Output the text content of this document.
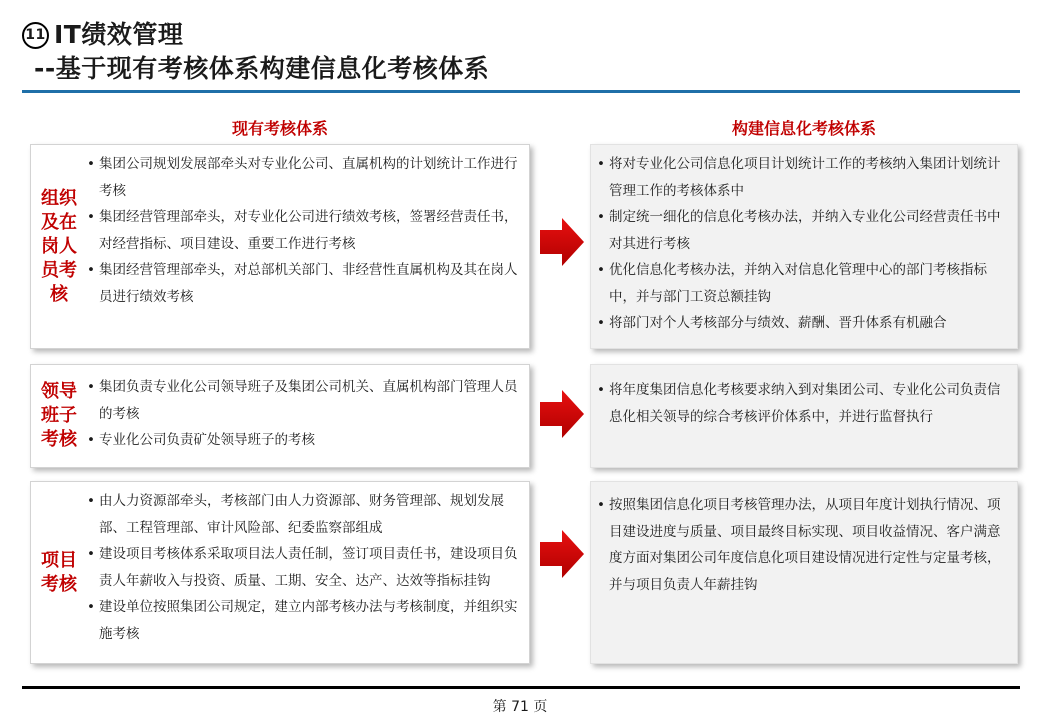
11 IT绩效管理
--基于现有考核体系构建信息化考核体系
现有考核体系	构建信息化考核体系
组织及在岗人员考核
• 集团公司规划发展部牵头对专业化公司、直属机构的计划统计工作进行考核
• 集团经营管理部牵头，对专业化公司进行绩效考核，签署经营责任书，对经营指标、项目建设、重要工作进行考核
• 集团经营管理部牵头，对总部机关部门、非经营性直属机构及其在岗人员进行绩效考核
• 将对专业化公司信息化项目计划统计工作的考核纳入集团计划统计管理工作的考核体系中
• 制定统一细化的信息化考核办法，并纳入专业化公司经营责任书中对其进行考核
• 优化信息化考核办法，并纳入对信息化管理中心的部门考核指标中，并与部门工资总额挂钩
• 将部门对个人考核部分与绩效、薪酬、晋升体系有机融合
领导班子考核
• 集团负责专业化公司领导班子及集团公司机关、直属机构部门管理人员的考核
• 专业化公司负责矿处领导班子的考核
• 将年度集团信息化考核要求纳入到对集团公司、专业化公司负责信息化相关领导的综合考核评价体系中，并进行监督执行
项目考核
• 由人力资源部牵头，考核部门由人力资源部、财务管理部、规划发展部、工程管理部、审计风险部、纪委监察部组成
• 建设项目考核体系采取项目法人责任制，签订项目责任书，建设项目负责人年薪收入与投资、质量、工期、安全、达产、达效等指标挂钩
• 建设单位按照集团公司规定，建立内部考核办法与考核制度，并组织实施考核
• 按照集团信息化项目考核管理办法，从项目年度计划执行情况、项目建设进度与质量、项目最终目标实现、项目收益情况、客户满意度方面对集团公司年度信息化项目建设情况进行定性与定量考核，并与项目负责人年薪挂钩
第 71 页
